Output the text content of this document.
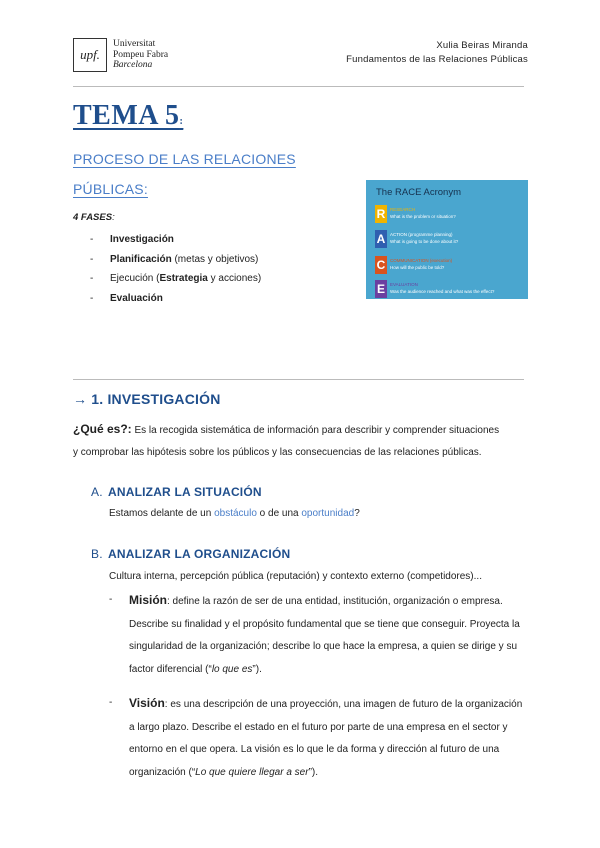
upf.
Universitat
Pompeu Fabra
Barcelona
Xulia Beiras Miranda
Fundamentos de las Relaciones Públicas
TEMA 5:
PROCESO DE LAS RELACIONES
PÚBLICAS:
4 FASES:
- Investigación
- Planificación (metas y objetivos)
- Ejecución (Estrategia y acciones)
- Evaluación
The RACE Acronym
R	RESEARCH
What is the problem or situation?
A	ACTION (programme planning)
What is going to be done about it?
C	COMMUNICATION (execution)
How will the public be told?
E	EVALUATION
Was the audience reached and what was the effect?
→ 1. INVESTIGACIÓN
¿Qué es?: Es la recogida sistemática de información para describir y comprender situaciones
y comprobar las hipótesis sobre los públicos y las consecuencias de las relaciones públicas.
A. ANALIZAR LA SITUACIÓN
Estamos delante de un obstáculo o de una oportunidad?
B. ANALIZAR LA ORGANIZACIÓN
Cultura interna, percepción pública (reputación) y contexto externo (competidores)...
- Misión: define la razón de ser de una entidad, institución, organización o empresa. Describe su finalidad y el propósito fundamental que se tiene que conseguir. Proyecta la singularidad de la organización; describe lo que hace la empresa, a quien se dirige y su factor diferencial (“lo que es”).
- Visión: es una descripción de una proyección, una imagen de futuro de la organización a largo plazo. Describe el estado en el futuro por parte de una empresa en el sector y entorno en el que opera. La visión es lo que le da forma y dirección al futuro de una organización (“Lo que quiere llegar a ser”).
